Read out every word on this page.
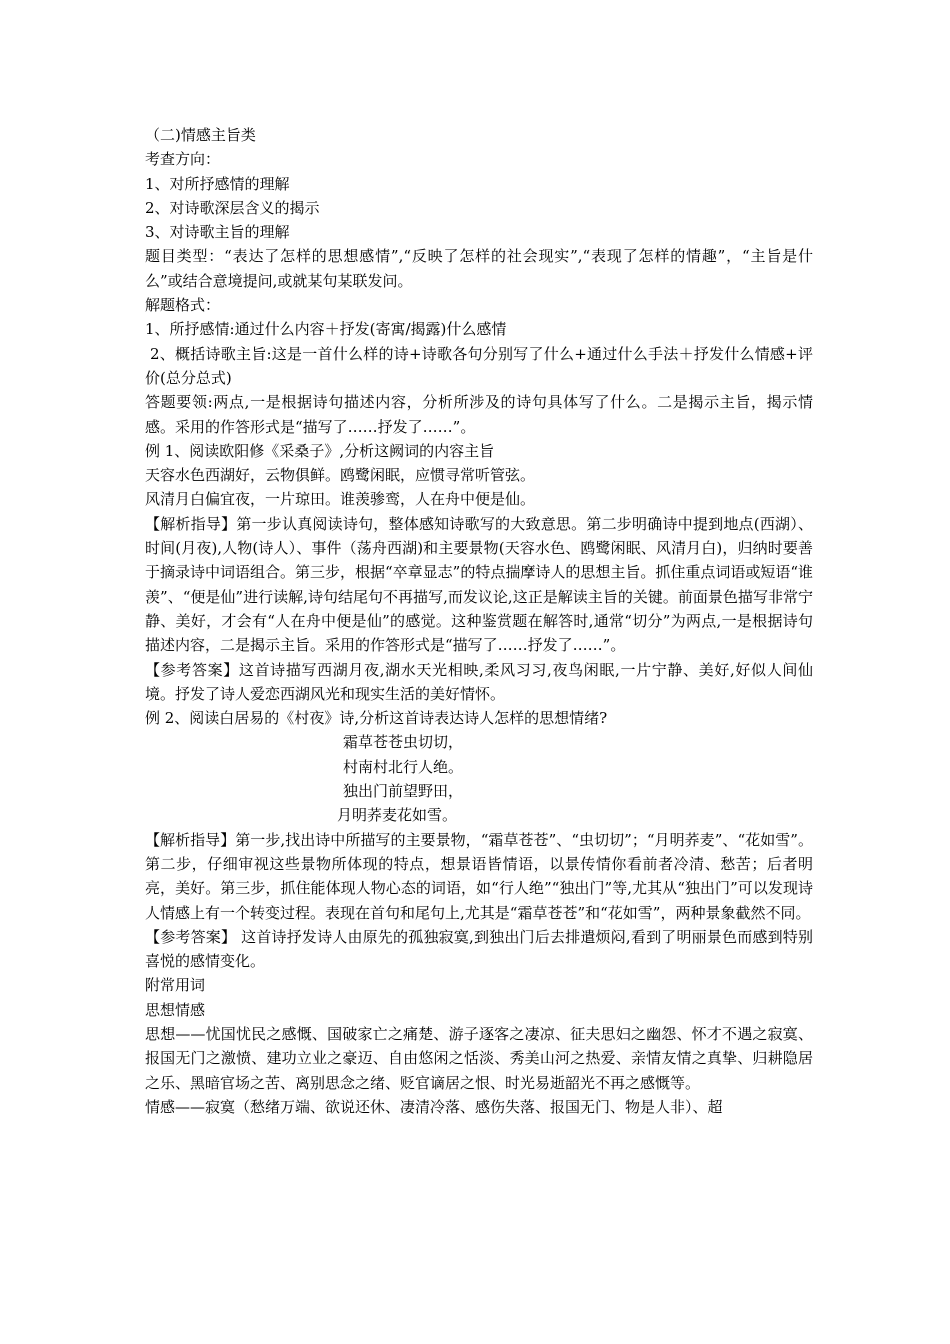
（二)情感主旨类

考查方向：

1、对所抒感情的理解

2、对诗歌深层含义的揭示

3、对诗歌主旨的理解

题目类型：“表达了怎样的思想感情”,“反映了怎样的社会现实”,“表现了怎样的情趣”，“主旨是什么”或结合意境提问,或就某句某联发问。

解题格式：

1、所抒感情:通过什么内容＋抒发(寄寓/揭露)什么感情

2、概括诗歌主旨:这是一首什么样的诗+诗歌各句分别写了什么+通过什么手法＋抒发什么情感+评价(总分总式)

答题要领:两点,一是根据诗句描述内容，分析所涉及的诗句具体写了什么。二是揭示主旨，揭示情感。采用的作答形式是“描写了……抒发了……”。

例 1、阅读欧阳修《采桑子》,分析这阙词的内容主旨

天容水色西湖好，云物俱鲜。鸥鹭闲眠，应惯寻常听管弦。

风清月白偏宜夜，一片琼田。谁羡骖鸾，人在舟中便是仙。

【解析指导】第一步认真阅读诗句，整体感知诗歌写的大致意思。第二步明确诗中提到地点(西湖）、时间(月夜),人物(诗人）、事件（荡舟西湖)和主要景物(天容水色、鸥鹭闲眠、风清月白)，归纳时要善于摘录诗中词语组合。第三步，根据“卒章显志”的特点揣摩诗人的思想主旨。抓住重点词语或短语“谁羡”、“便是仙”进行读解,诗句结尾句不再描写,而发议论,这正是解读主旨的关键。前面景色描写非常宁静、美好，才会有“人在舟中便是仙”的感觉。这种鉴赏题在解答时,通常“切分”为两点,一是根据诗句描述内容，二是揭示主旨。采用的作答形式是“描写了……抒发了……”。

【参考答案】这首诗描写西湖月夜,湖水天光相映,柔风习习,夜鸟闲眠,一片宁静、美好,好似人间仙境。抒发了诗人爱恋西湖风光和现实生活的美好情怀。

例 2、阅读白居易的《村夜》诗,分析这首诗表达诗人怎样的思想情绪?

霜草苍苍虫切切，

村南村北行人绝。

独出门前望野田，

月明荞麦花如雪。

【解析指导】第一步,找出诗中所描写的主要景物，“霜草苍苍”、“虫切切”；“月明荞麦”、“花如雪”。第二步，仔细审视这些景物所体现的特点，想景语皆情语，以景传情你看前者冷清、愁苦；后者明亮，美好。第三步，抓住能体现人物心态的词语，如“行人绝”“独出门”等,尤其从“独出门”可以发现诗人情感上有一个转变过程。表现在首句和尾句上,尤其是“霜草苍苍”和“花如雪”，两种景象截然不同。

【参考答案】 这首诗抒发诗人由原先的孤独寂寞,到独出门后去排遣烦闷,看到了明丽景色而感到特别喜悦的感情变化。

附常用词

思想情感

思想——忧国忧民之感慨、国破家亡之痛楚、游子逐客之凄凉、征夫思妇之幽怨、怀才不遇之寂寞、报国无门之激愤、建功立业之豪迈、自由悠闲之恬淡、秀美山河之热爱、亲情友情之真挚、归耕隐居之乐、黑暗官场之苦、离别思念之绪、贬官谪居之恨、时光易逝韶光不再之感慨等。

情感——寂寞（愁绪万端、欲说还休、凄清冷落、感伤失落、报国无门、物是人非）、超
